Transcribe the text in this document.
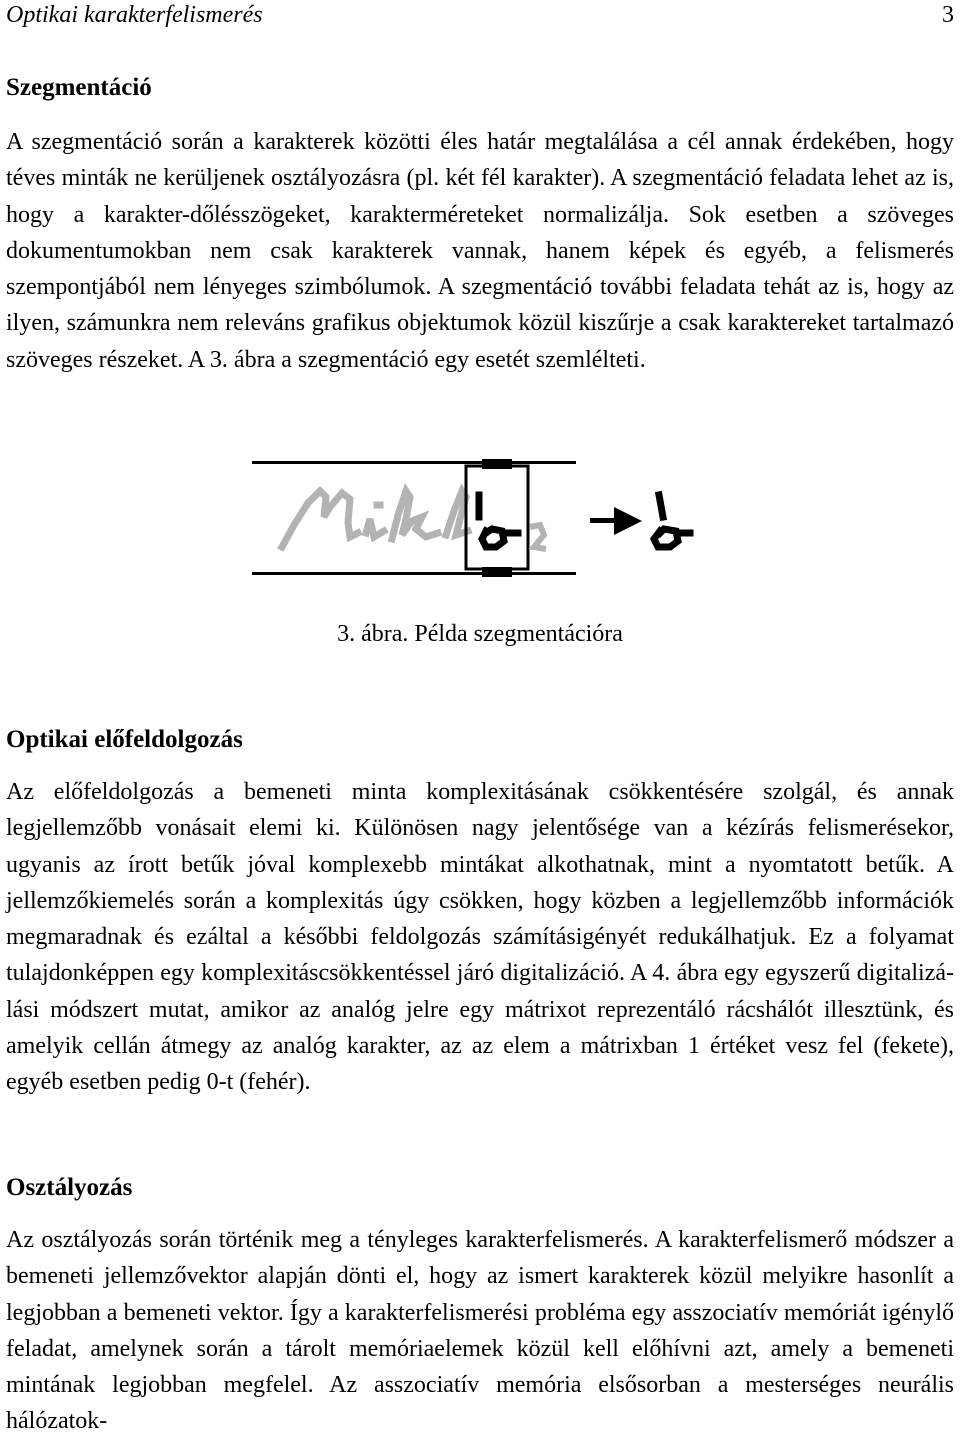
Optikai karakterfelismerés	3
Szegmentáció

A szegmentáció során a karakterek közötti éles határ megtalálása a cél annak érdekében, hogy téves minták ne kerüljenek osztályozásra (pl. két fél karakter). A szegmentáció feladata lehet az is, hogy a karakter-dőlésszögeket, karakterméreteket normalizálja. Sok esetben a szöveges dokumentumokban nem csak karakterek vannak, hanem képek és egyéb, a felismerés szempontjából nem lényeges szimbólumok. A szegmentáció további feladata tehát az is, hogy az ilyen, számunkra nem releváns grafikus objektumok közül kiszűrje a csak karaktereket tartalmazó szöveges részeket. A 3. ábra a szegmentáció egy esetét szemlélteti.

3. ábra. Példa szegmentációra
Optikai előfeldolgozás

Az előfeldolgozás a bemeneti minta komplexitásának csökkentésére szolgál, és annak legjellemzőbb vonásait elemi ki. Különösen nagy jelentősége van a kézírás felismerésekor, ugyanis az írott betűk jóval komplexebb mintákat alkothatnak, mint a nyomtatott betűk. A jellemzőkiemelés során a komplexitás úgy csökken, hogy közben a legjellemzőbb információk megmaradnak és ezáltal a későbbi feldolgozás számításigényét redukálhatjuk. Ez a folyamat tulajdonképpen egy komplexitáscsökkentéssel járó digitalizáció. A 4. ábra egy egyszerű digitalizálási módszert mutat, amikor az analóg jelre egy mátrixot reprezentáló rácshálót illesztünk, és amelyik cellán átmegy az analóg karakter, az az elem a mátrixban 1 értéket vesz fel (fekete), egyéb esetben pedig 0-t (fehér).

Osztályozás

Az osztályozás során történik meg a tényleges karakterfelismerés. A karakterfelismerő módszer a bemeneti jellemzővektor alapján dönti el, hogy az ismert karakterek közül melyikre hasonlít a legjobban a bemeneti vektor. Így a karakterfelismerési probléma egy asszociatív memóriát igénylő feladat, amelynek során a tárolt memóriaelemek közül kell előhívni azt, amely a bemeneti mintának legjobban megfelel. Az asszociatív memória elsősorban a mesterséges neurális hálózatok-
